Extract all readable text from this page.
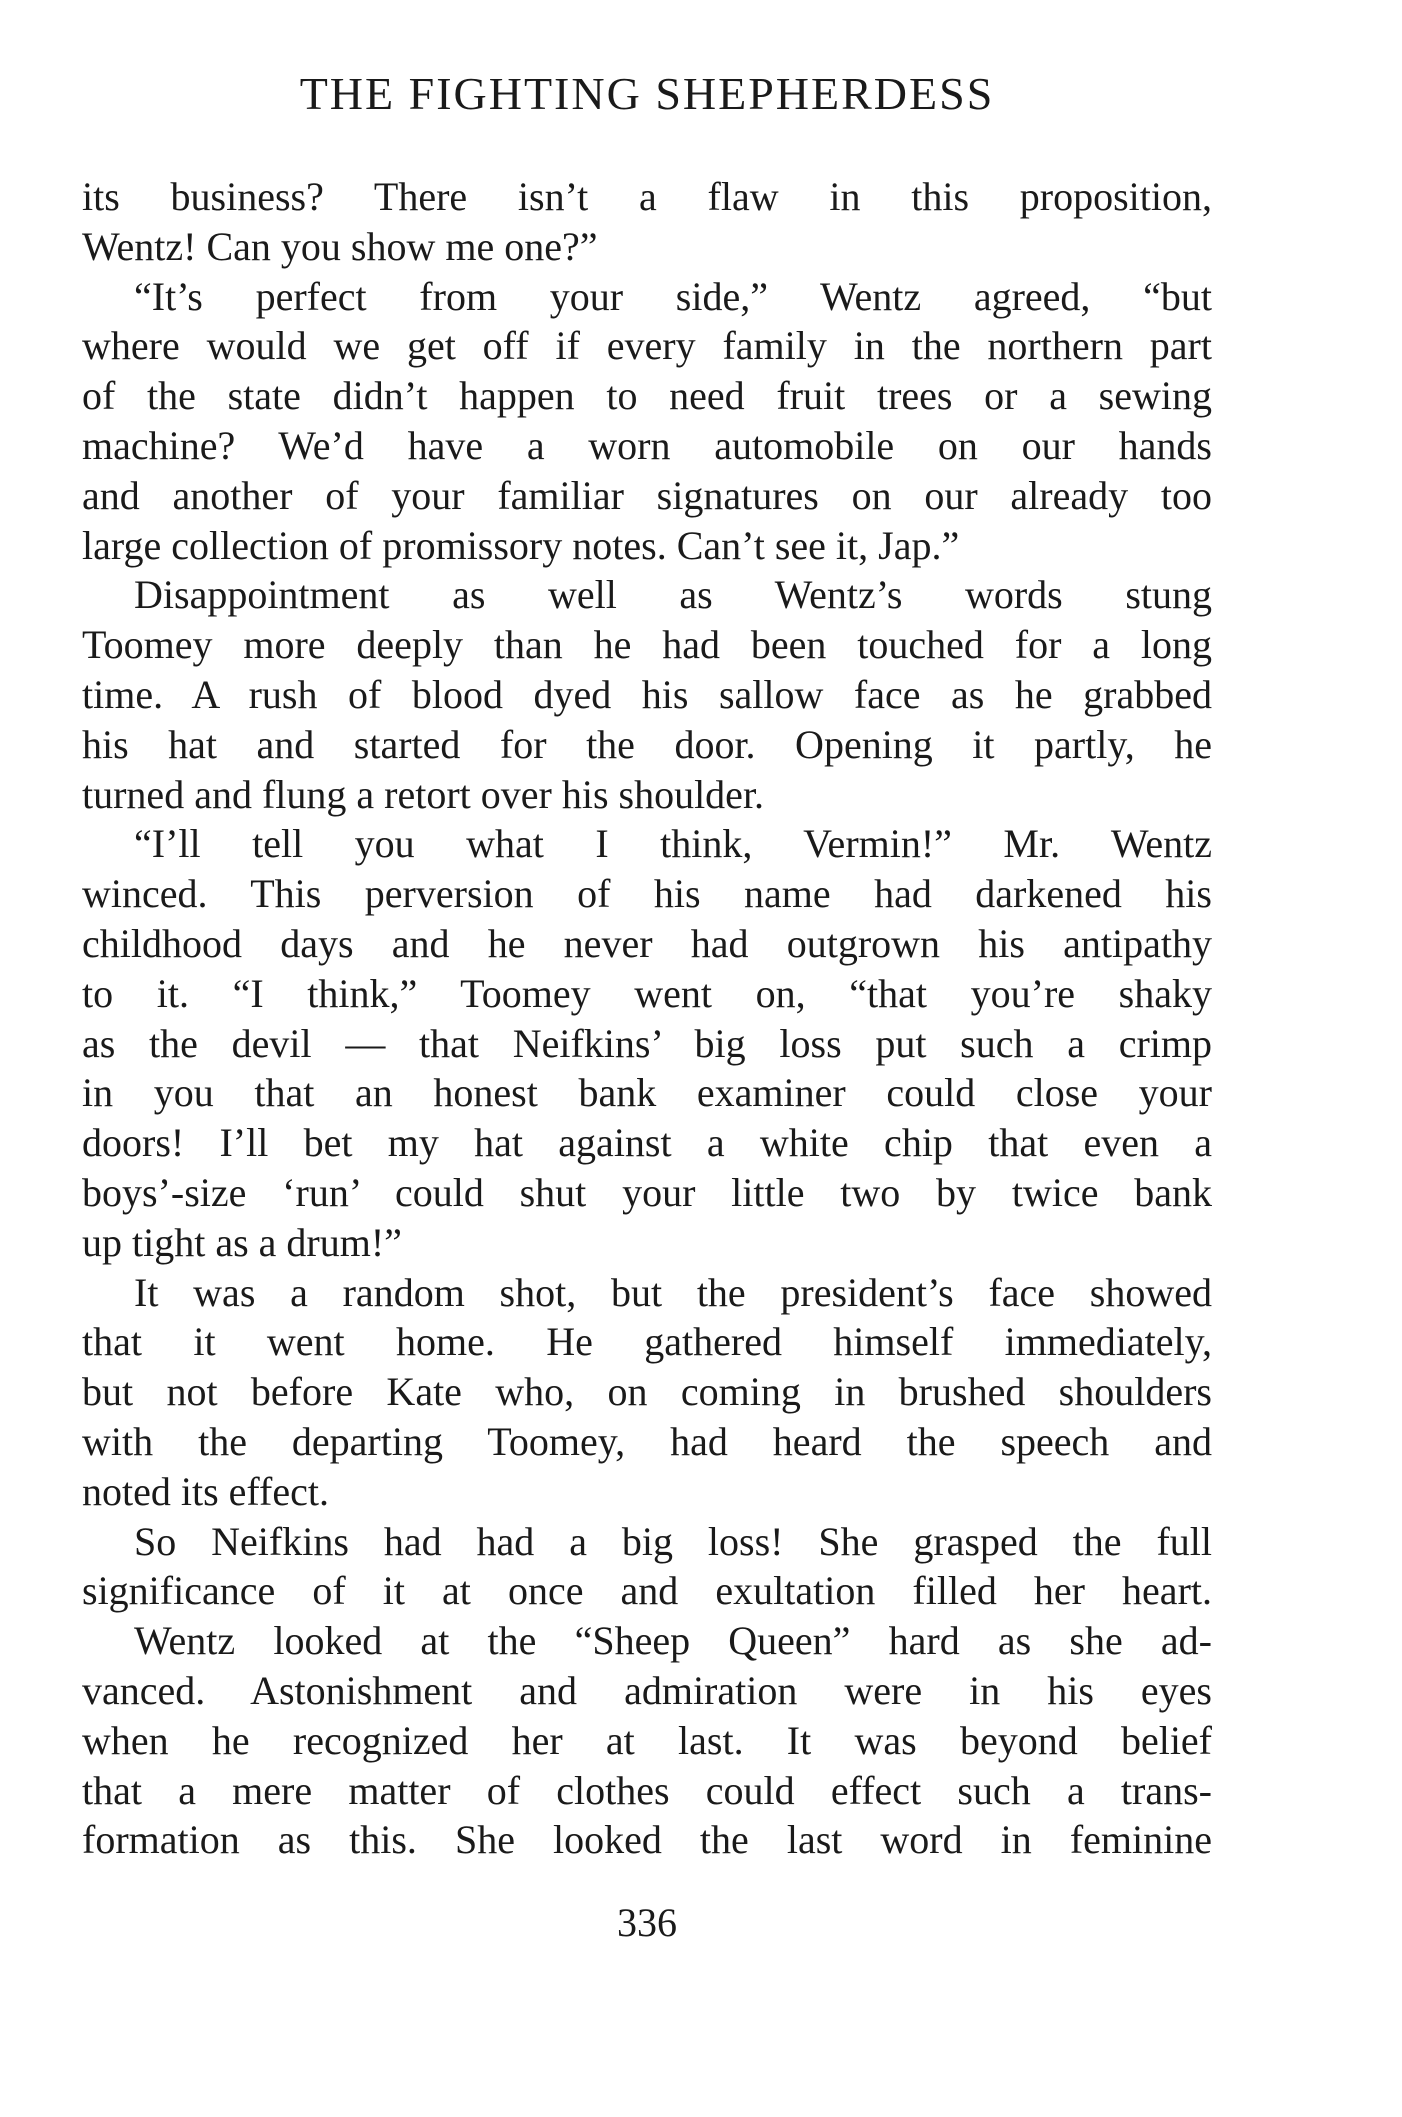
THE FIGHTING SHEPHERDESS
its business? There isn’t a flaw in this proposition,
Wentz! Can you show me one?”
“It’s perfect from your side,” Wentz agreed, “but
where would we get off if every family in the northern part
of the state didn’t happen to need fruit trees or a sewing
machine? We’d have a worn automobile on our hands
and another of your familiar signatures on our already too
large collection of promissory notes. Can’t see it, Jap.”
Disappointment as well as Wentz’s words stung
Toomey more deeply than he had been touched for a long
time. A rush of blood dyed his sallow face as he grabbed
his hat and started for the door. Opening it partly, he
turned and flung a retort over his shoulder.
“I’ll tell you what I think, Vermin!” Mr. Wentz
winced. This perversion of his name had darkened his
childhood days and he never had outgrown his antipathy
to it. “I think,” Toomey went on, “that you’re shaky
as the devil — that Neifkins’ big loss put such a crimp
in you that an honest bank examiner could close your
doors! I’ll bet my hat against a white chip that even a
boys’-size ‘run’ could shut your little two by twice bank
up tight as a drum!”
It was a random shot, but the president’s face showed
that it went home. He gathered himself immediately,
but not before Kate who, on coming in brushed shoulders
with the departing Toomey, had heard the speech and
noted its effect.
So Neifkins had had a big loss! She grasped the full
significance of it at once and exultation filled her heart.
Wentz looked at the “Sheep Queen” hard as she ad-
vanced. Astonishment and admiration were in his eyes
when he recognized her at last. It was beyond belief
that a mere matter of clothes could effect such a trans-
formation as this. She looked the last word in feminine
336
